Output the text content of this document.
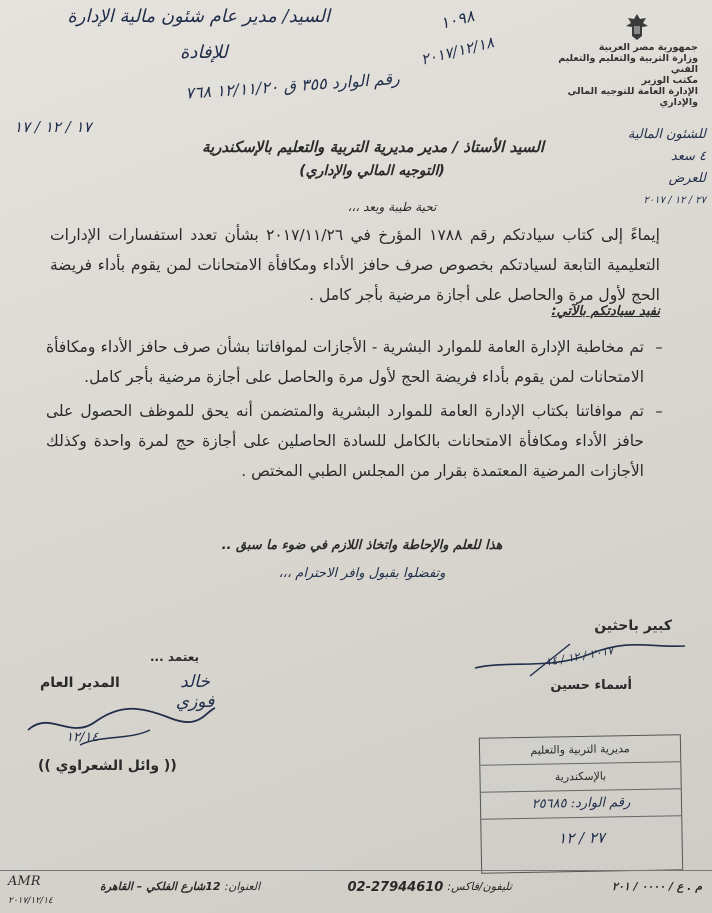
جمهورية مصر العربية
وزارة التربية والتعليم والتعليم الفني
مكتب الوزير
الإدارة العامة للتوجيه المالي والإداري
السيد/ مدير عام شئون مالية الإدارة
للإفادة
رقم الوارد ٣٥٥ ق ١٢/١١/٢٠ ٧٦٨
١٧ / ١٢ / ١٧
١٠٩٨
٢٠١٧/١٢/١٨
للشئون المالية
٤ سعد
للعرض
٢٧ / ١٢ / ٢٠١٧
السيد الأستاذ / مدير مديرية التربية والتعليم بالإسكندرية
(التوجيه المالي والإداري)
تحية طيبة وبعد ،،،
إيماءً إلى كتاب سيادتكم رقم ١٧٨٨ المؤرخ في ٢٠١٧/١١/٢٦ بشأن تعدد استفسارات الإدارات التعليمية التابعة لسيادتكم بخصوص صرف حافز الأداء ومكافأة الامتحانات لمن يقوم بأداء فريضة الحج لأول مرة والحاصل على أجازة مرضية بأجر كامل .
نفيد سيادتكم بالآتي:
–
تم مخاطبة الإدارة العامة للموارد البشرية - الأجازات لموافاتنا بشأن صرف حافز الأداء ومكافأة الامتحانات لمن يقوم بأداء فريضة الحج لأول مرة والحاصل على أجازة مرضية بأجر كامل.
–
تم موافاتنا بكتاب الإدارة العامة للموارد البشرية والمتضمن أنه يحق للموظف الحصول على حافز الأداء ومكافأة الامتحانات بالكامل للسادة الحاصلين على أجازة حج لمرة واحدة وكذلك الأجازات المرضية المعتمدة بقرار من المجلس الطبي المختص .
هذا للعلم والإحاطة واتخاذ اللازم في ضوء ما سبق ..
وتفضلوا بقبول وافر الاحترام ،،،
كبير باحثين
٢٠١٧ / ١٢ / ١٤
أسماء حسين
يعتمد ...
المدير العام	خالد فوزي
١٢/١٤
(( وائل الشعراوي ))
مديرية التربية والتعليم
بالإسكندرية
رقم الوارد: ٢٥٦٨٥
٢٧ / ١٢
م . ع / ٠٠٠٠ / ٢٠١
تليفون/فاكس:
02-27944610
العنوان:
12شارع الفلكي – القاهرة
AMR
٢٠١٧/١٢/١٤
